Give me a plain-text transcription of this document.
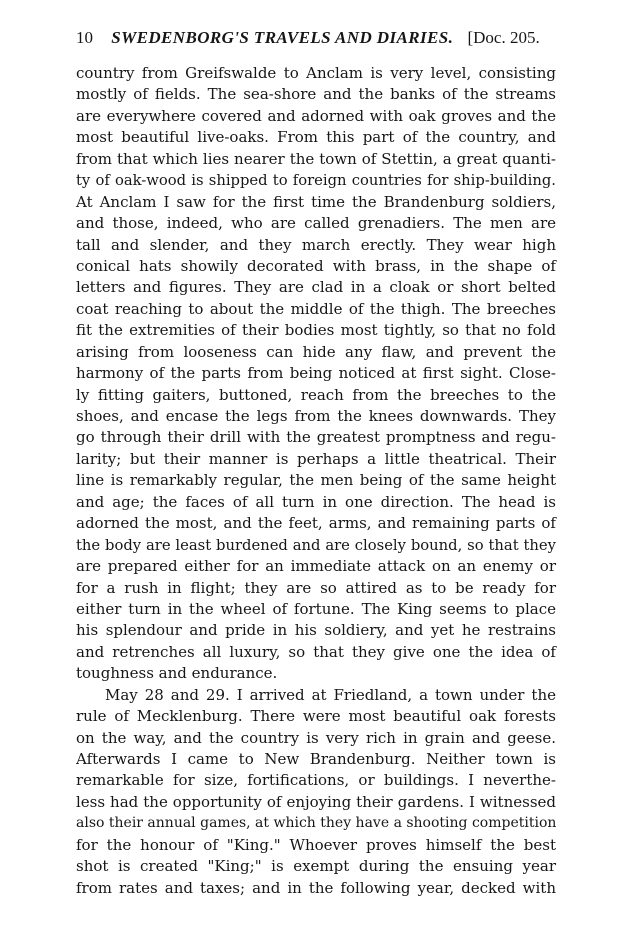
10 SWEDENBORG'S TRAVELS AND DIARIES. [Doc. 205.
country from Greifswalde to Anclam is very level, consisting
mostly of fields. The sea-shore and the banks of the streams
are everywhere covered and adorned with oak groves and the
most beautiful live-oaks. From this part of the country, and
from that which lies nearer the town of Stettin, a great quanti-
ty of oak-wood is shipped to foreign countries for ship-building.
At Anclam I saw for the first time the Brandenburg soldiers,
and those, indeed, who are called grenadiers. The men are
tall and slender, and they march erectly. They wear high
conical hats showily decorated with brass, in the shape of
letters and figures. They are clad in a cloak or short belted
coat reaching to about the middle of the thigh. The breeches
fit the extremities of their bodies most tightly, so that no fold
arising from looseness can hide any flaw, and prevent the
harmony of the parts from being noticed at first sight. Close-
ly fitting gaiters, buttoned, reach from the breeches to the
shoes, and encase the legs from the knees downwards. They
go through their drill with the greatest promptness and regu-
larity; but their manner is perhaps a little theatrical. Their
line is remarkably regular, the men being of the same height
and age; the faces of all turn in one direction. The head is
adorned the most, and the feet, arms, and remaining parts of
the body are least burdened and are closely bound, so that they
are prepared either for an immediate attack on an enemy or
for a rush in flight; they are so attired as to be ready for
either turn in the wheel of fortune. The King seems to place
his splendour and pride in his soldiery, and yet he restrains
and retrenches all luxury, so that they give one the idea of
toughness and endurance.
May 28 and 29. I arrived at Friedland, a town under the
rule of Mecklenburg. There were most beautiful oak forests
on the way, and the country is very rich in grain and geese.
Afterwards I came to New Brandenburg. Neither town is
remarkable for size, fortifications, or buildings. I neverthe-
less had the opportunity of enjoying their gardens. I witnessed
also their annual games, at which they have a shooting competition
for the honour of "King." Whoever proves himself the best
shot is created "King;" is exempt during the ensuing year
from rates and taxes; and in the following year, decked with
